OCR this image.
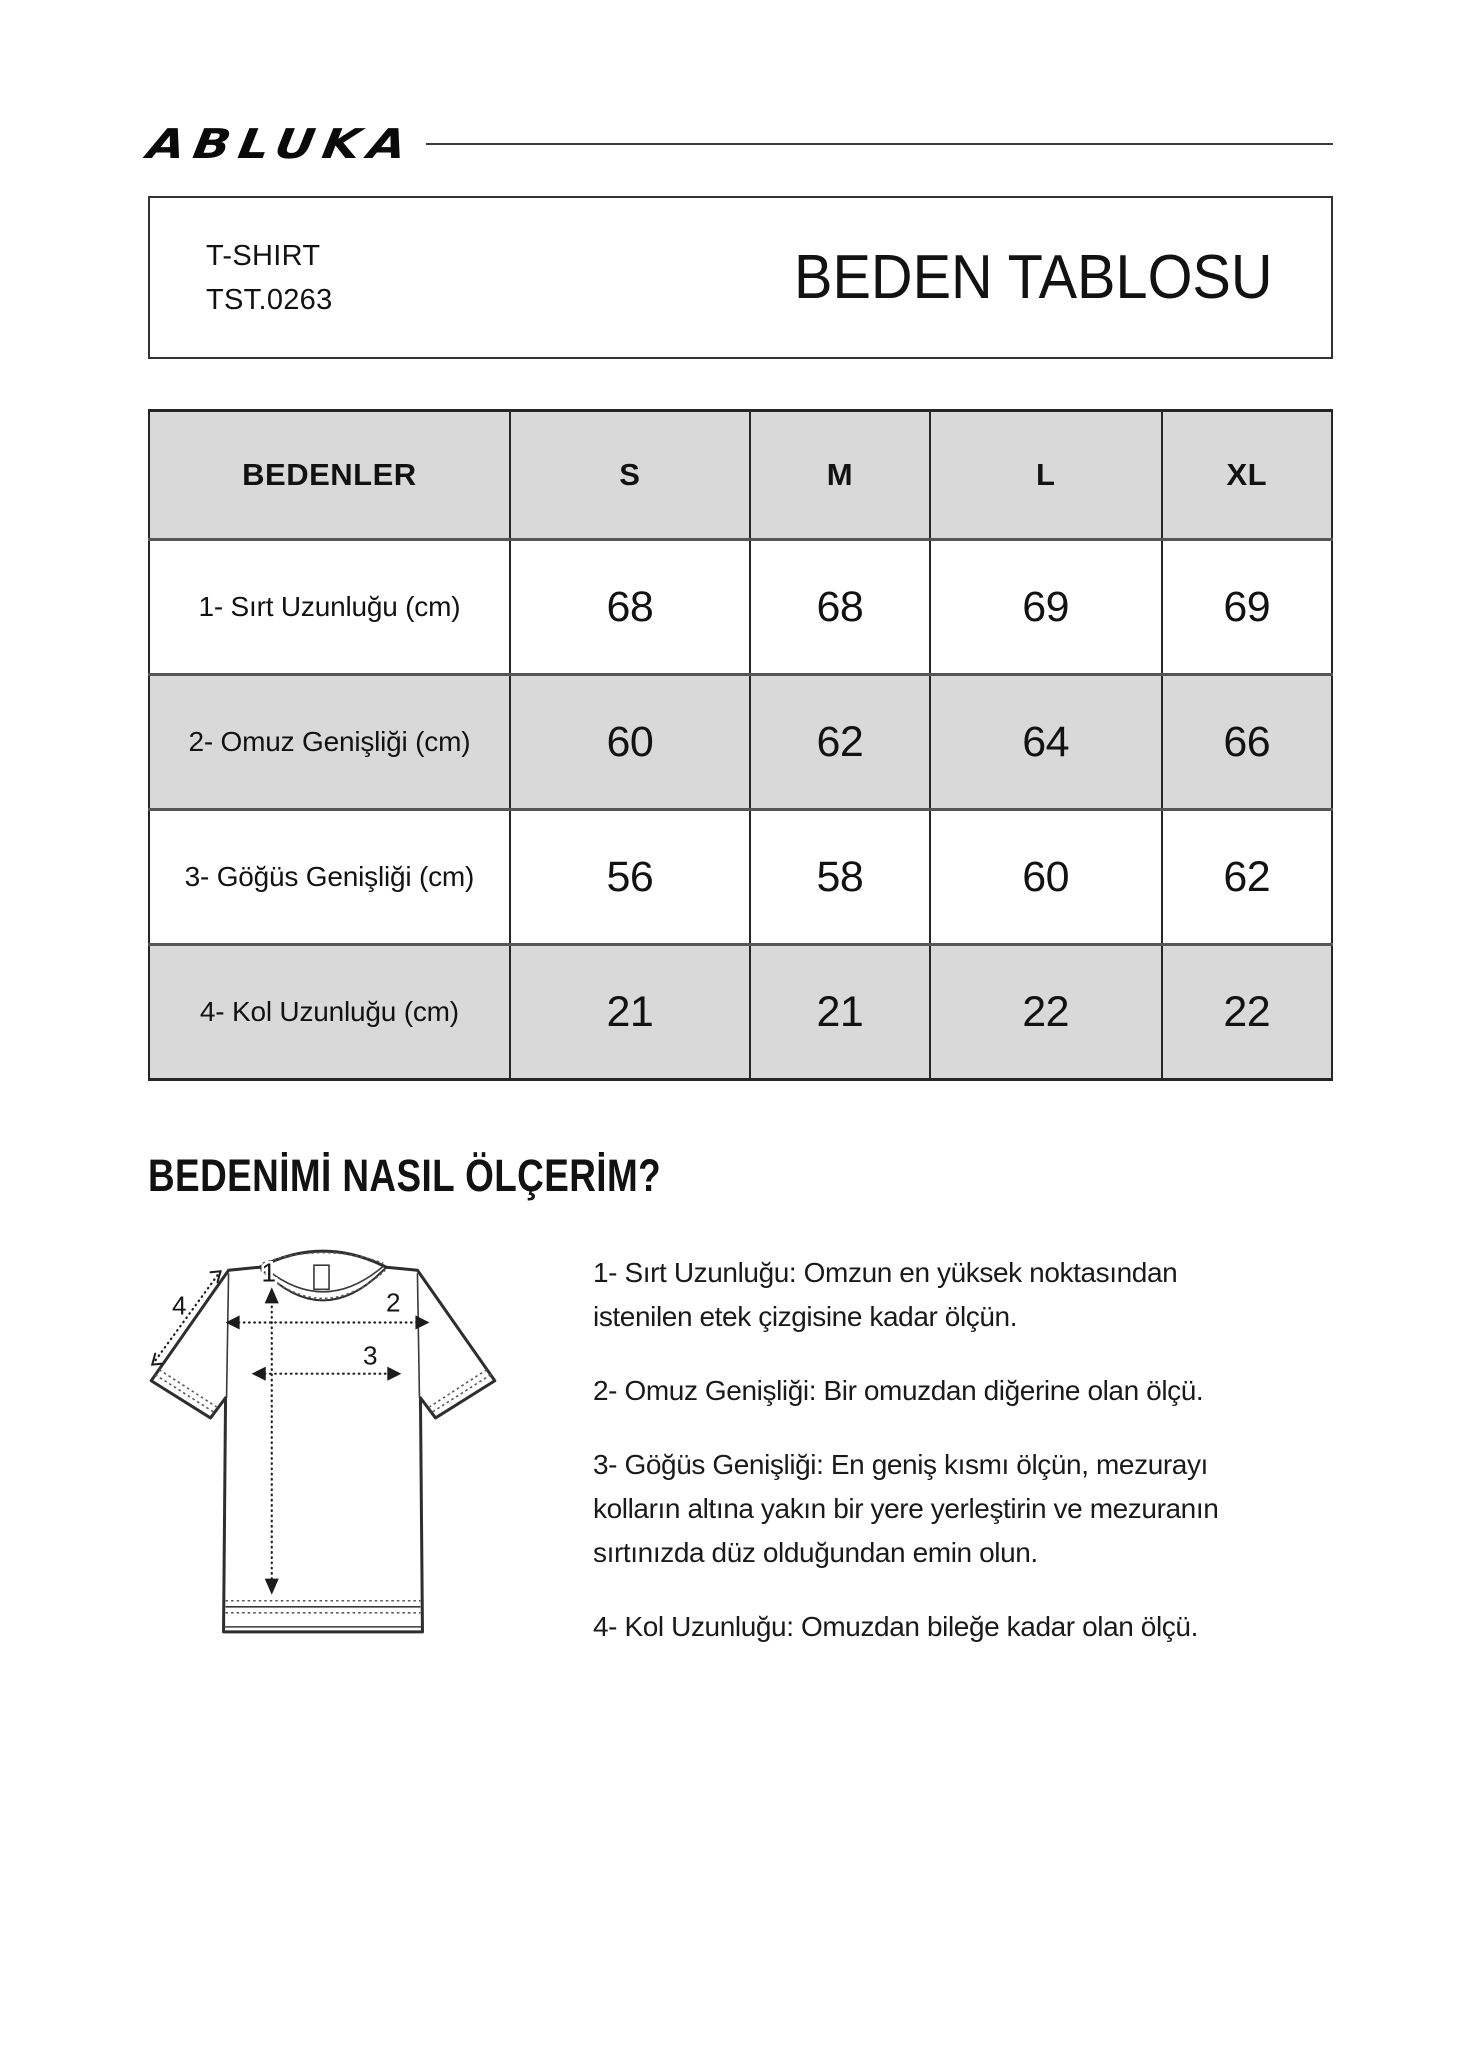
ABLUKA
T-SHIRT
TST.0263	BEDEN TABLOSU
BEDENLER	S	M	L	XL
1- Sırt Uzunluğu (cm)	68	68	69	69
2- Omuz Genişliği (cm)	60	62	64	66
3- Göğüs Genişliği (cm)	56	58	60	62
4- Kol Uzunluğu (cm)	21	21	22	22
BEDENİMİ NASIL ÖLÇERİM?
1
2
3
4

1- Sırt Uzunluğu: Omzun en yüksek noktasından
istenilen etek çizgisine kadar ölçün.

2- Omuz Genişliği: Bir omuzdan diğerine olan ölçü.

3- Göğüs Genişliği: En geniş kısmı ölçün, mezurayı
kolların altına yakın bir yere yerleştirin ve mezuranın
sırtınızda düz olduğundan emin olun.

4- Kol Uzunluğu: Omuzdan bileğe kadar olan ölçü.
